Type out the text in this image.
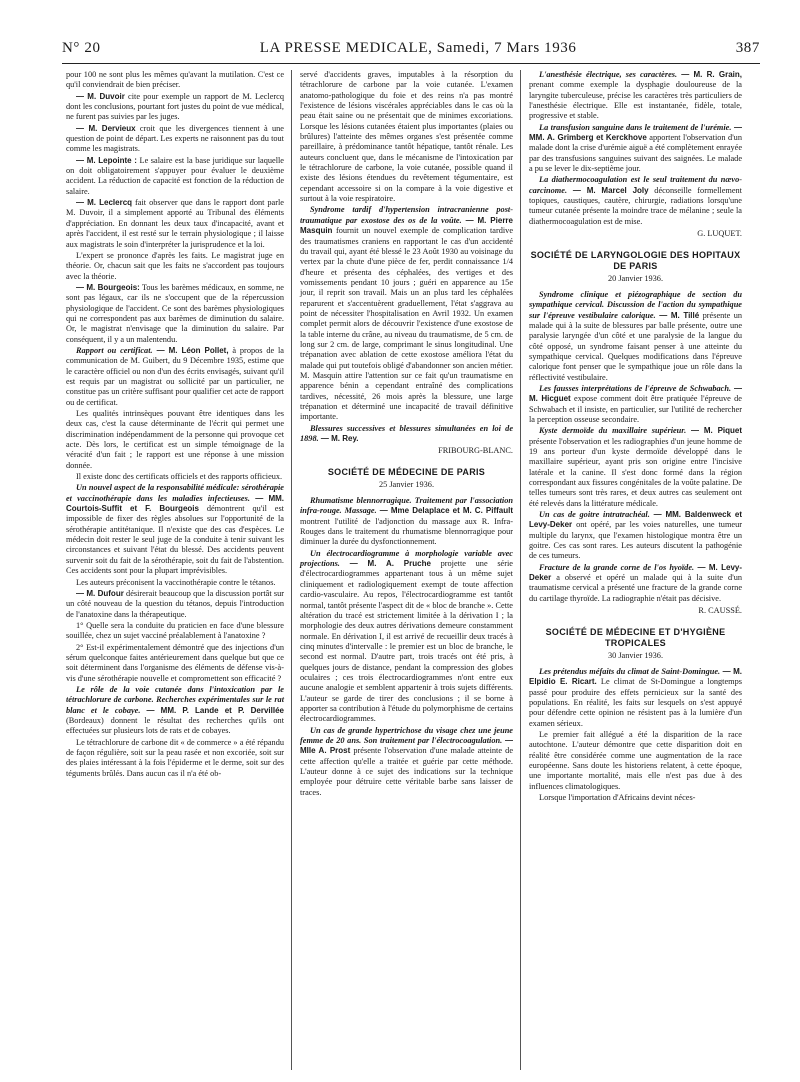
N° 20	LA PRESSE MEDICALE, Samedi, 7 Mars 1936	387

pour 100 ne sont plus les mêmes qu'avant la mutilation. C'est ce qu'il conviendrait de bien préciser.

— M. Duvoir cite pour exemple un rapport de M. Leclercq dont les conclusions, pourtant fort justes du point de vue médical, ne furent pas suivies par les juges.

— M. Dervieux croit que les divergences tiennent à une question de point de départ. Les experts ne raisonnent pas du tout comme les magistrats.

— M. Lepointe : Le salaire est la base juridique sur laquelle on doit obligatoirement s'appuyer pour évaluer le deuxième accident. La réduction de capacité est fonction de la réduction de salaire.

— M. Leclercq fait observer que dans le rapport dont parle M. Duvoir, il a simplement apporté au Tribunal des éléments d'appréciation. En donnant les deux taux d'incapacité, avant et après l'accident, il est resté sur le terrain physiologique ; il laisse aux magistrats le soin d'interpréter la jurisprudence et la loi.

L'expert se prononce d'après les faits. Le magistrat juge en théorie. Or, chacun sait que les faits ne s'accordent pas toujours avec la théorie.

— M. Bourgeois: Tous les barèmes médicaux, en somme, ne sont pas légaux, car ils ne s'occupent que de la répercussion physiologique de l'accident. Ce sont des barèmes physiologiques qui ne correspondent pas aux barèmes de diminution du salaire. Or, le magistrat n'envisage que la diminution du salaire. Par conséquent, il y a un malentendu.

Rapport ou certificat. — M. Léon Pollet, à propos de la communication de M. Guibert, du 9 Décembre 1935, estime que le caractère officiel ou non d'un des écrits envisagés, suivant qu'il est requis par un magistrat ou sollicité par un particulier, ne constitue pas un critère suffisant pour qualifier cet acte de rapport ou de certificat.

Les qualités intrinsèques pouvant être identiques dans les deux cas, c'est la cause déterminante de l'écrit qui permet une discrimination indépendamment de la personne qui provoque cet acte. Dès lors, le certificat est un simple témoignage de la véracité d'un fait ; le rapport est une réponse à une mission donnée.

Il existe donc des certificats officiels et des rapports officieux.

Un nouvel aspect de la responsabilité médicale: sérothérapie et vaccinothérapie dans les maladies infectieuses. — MM. Courtois-Suffit et F. Bourgeois démontrent qu'il est impossible de fixer des règles absolues sur l'opportunité de la sérothérapie antitétanique. Il n'existe que des cas d'espèces. Le médecin doit rester le seul juge de la conduite à tenir suivant les circonstances et suivant l'état du blessé. Des accidents peuvent survenir soit du fait de la sérothérapie, soit du fait de l'abstention. Ces accidents sont pour la plupart imprévisibles.

Les auteurs préconisent la vaccinothérapie contre le tétanos.

— M. Dufour désirerait beaucoup que la discussion portât sur un côté nouveau de la question du tétanos, depuis l'introduction de l'anatoxine dans la thérapeutique.

1° Quelle sera la conduite du praticien en face d'une blessure souillée, chez un sujet vacciné préalablement à l'anatoxine ?

2° Est-il expérimentalement démontré que des injections d'un sérum quelconque faites antérieurement dans quelque but que ce soit déterminent dans l'organisme des éléments de défense vis-à-vis d'une sérothérapie nouvelle et compromettent son efficacité ?

Le rôle de la voie cutanée dans l'intoxication par le tétrachlorure de carbone. Recherches expérimentales sur le rat blanc et le cobaye. — MM. P. Lande et P. Dervillée (Bordeaux) donnent le résultat des recherches qu'ils ont effectuées sur plusieurs lots de rats et de cobayes.

Le tétrachlorure de carbone dit « de commerce » a été répandu de façon régulière, soit sur la peau rasée et non excoriée, soit sur des plaies intéressant à la fois l'épiderme et le derme, soit sur des téguments brûlés. Dans aucun cas il n'a été ob-

servé d'accidents graves, imputables à la résorption du tétrachlorure de carbone par la voie cutanée. L'examen anatomo-pathologique du foie et des reins n'a pas montré l'existence de lésions viscérales appréciables dans le cas où la peau était saine ou ne présentait que de minimes excoriations. Lorsque les lésions cutanées étaient plus importantes (plaies ou brûlures) l'atteinte des mêmes organes s'est présentée comme pareillaire, à prédominance tantôt hépatique, tantôt rénale. Les auteurs concluent que, dans le mécanisme de l'intoxication par le tétrachlorure de carbone, la voie cutanée, possible quand il existe des lésions étendues du revêtement tégumentaire, est cependant accessoire si on la compare à la voie digestive et surtout à la voie respiratoire.

Syndrome tardif d'hypertension intracranienne post-traumatique par exostose des os de la voûte. — M. Pierre Masquin fournit un nouvel exemple de complication tardive des traumatismes craniens en rapportant le cas d'un accidenté du travail qui, ayant été blessé le 23 Août 1930 au voisinage du vertex par la chute d'une pièce de fer, perdit connaissance 1/4 d'heure et présenta des céphalées, des vertiges et des vomissements pendant 10 jours ; guéri en apparence au 15e jour, il reprit son travail. Mais un an plus tard les céphalées reparurent et s'accentuèrent graduellement, l'état s'aggrava au point de nécessiter l'hospitalisation en Avril 1932. Un examen complet permit alors de découvrir l'existence d'une exostose de la table interne du crâne, au niveau du traumatisme, de 5 cm. de long sur 2 cm. de large, comprimant le sinus longitudinal. Une trépanation avec ablation de cette exostose améliora l'état du malade qui put toutefois obligé d'abandonner son ancien métier. M. Masquin attire l'attention sur ce fait qu'un traumatisme en apparence bénin a cependant entraîné des complications tardives, nécessité, 26 mois après la blessure, une large trépanation et déterminé une incapacité de travail définitive importante.

Blessures successives et blessures simultanées en loi de 1898. — M. Rey.

FRIBOURG-BLANC.

SOCIÉTÉ DE MÉDECINE DE PARIS
25 Janvier 1936.

Rhumatisme blennorragique. Traitement par l'association infra-rouge. Massage. — Mme Delaplace et M. C. Piffault montrent l'utilité de l'adjonction du massage aux R. Infra-Rouges dans le traitement du rhumatisme blennorragique pour diminuer la durée du dysfonctionnement.

Un électrocardiogramme à morphologie variable avec projections. — M. A. Pruche projette une série d'électrocardiogrammes appartenant tous à un même sujet cliniquement et radiologiquement exempt de toute affection cardio-vasculaire. Au repos, l'électrocardiogramme est tantôt normal, tantôt présente l'aspect dit de « bloc de branche ». Cette altération du tracé est strictement limitée à la dérivation I ; la morphologie des deux autres dérivations demeure constamment normale. En dérivation I, il est arrivé de recueillir deux tracés à cinq minutes d'intervalle : le premier est un bloc de branche, le second est normal. D'autre part, trois tracés ont été pris, à quelques jours de distance, pendant la compression des globes oculaires ; ces trois électrocardiogrammes n'ont entre eux aucune analogie et semblent appartenir à trois sujets différents. L'auteur se garde de tirer des conclusions ; il se borne à apporter sa contribution à l'étude du polymorphisme de certains électrocardiogrammes.

Un cas de grande hypertrichose du visage chez une jeune femme de 20 ans. Son traitement par l'électrocoagulation. — Mlle A. Prost présente l'observation d'une malade atteinte de cette affection qu'elle a traitée et guérie par cette méthode. L'auteur donne à ce sujet des indications sur la technique employée pour détruire cette véritable barbe sans laisser de traces.

L'anesthésie électrique, ses caractères. — M. R. Grain, prenant comme exemple la dysphagie douloureuse de la laryngite tuberculeuse, précise les caractères très particuliers de l'anesthésie électrique. Elle est instantanée, fidèle, totale, progressive et stable.

La transfusion sanguine dans le traitement de l'urémie. — MM. A. Grimberg et Kerckhove apportent l'observation d'un malade dont la crise d'urémie aiguë a été complètement enrayée par des transfusions sanguines suivant des saignées. Le malade a pu se lever le dix-septième jour.

La diathermocoagulation est le seul traitement du nævo-carcinome. — M. Marcel Joly déconseille formellement topiques, caustiques, cautère, chirurgie, radiations lorsqu'une tumeur cutanée présente la moindre trace de mélanine ; seule la diathermocoagulation est de mise.

G. LUQUET.

SOCIÉTÉ DE LARYNGOLOGIE DES HOPITAUX DE PARIS
20 Janvier 1936.

Syndrome clinique et piézographique de section du sympathique cervical. Discussion de l'action du sympathique sur l'épreuve vestibulaire calorique. — M. Tillé présente un malade qui à la suite de blessures par balle présente, outre une paralysie laryngée d'un côté et une paralysie de la langue du côté opposé, un syndrome faisant penser à une atteinte du sympathique cervical. Quelques modifications dans l'épreuve calorique font penser que le sympathique joue un rôle dans la réflectivité vestibulaire.

Les fausses interprétations de l'épreuve de Schwabach. — M. Hicguet expose comment doit être pratiquée l'épreuve de Schwabach et il insiste, en particulier, sur l'utilité de rechercher la perception osseuse secondaire.

Kyste dermoïde du maxillaire supérieur. — M. Piquet présente l'observation et les radiographies d'un jeune homme de 19 ans porteur d'un kyste dermoïde développé dans le maxillaire supérieur, ayant pris son origine entre l'incisive latérale et la canine. Il s'est donc formé dans la région correspondant aux fissures congénitales de la voûte palatine. De telles tumeurs sont très rares, et deux autres cas seulement ont été relevés dans la littérature médicale.

Un cas de goitre intratrachéal. — MM. Baldenweck et Levy-Deker ont opéré, par les voies naturelles, une tumeur multiple du larynx, que l'examen histologique montra être un goitre. Ces cas sont rares. Les auteurs discutent la pathogénie de ces tumeurs.

Fracture de la grande corne de l'os hyoïde. — M. Levy-Deker a observé et opéré un malade qui à la suite d'un traumatisme cervical a présenté une fracture de la grande corne du cartilage thyroïde. La radiographie n'était pas décisive.

R. CAUSSÉ.

SOCIÉTÉ DE MÉDECINE ET D'HYGIÈNE TROPICALES
30 Janvier 1936.

Les prétendus méfaits du climat de Saint-Domingue. — M. Elpidio E. Ricart. Le climat de St-Domingue a longtemps passé pour produire des effets pernicieux sur la santé des populations. En réalité, les faits sur lesquels on s'est appuyé pour défendre cette opinion ne résistent pas à la lumière d'un examen sérieux.

Le premier fait allégué a été la disparition de la race autochtone. L'auteur démontre que cette disparition doit en réalité être considérée comme une augmentation de la race européenne. Sans doute les historiens relatent, à cette époque, une importante mortalité, mais elle n'est pas due à des influences climatologiques.

Lorsque l'importation d'Africains devint néces-
